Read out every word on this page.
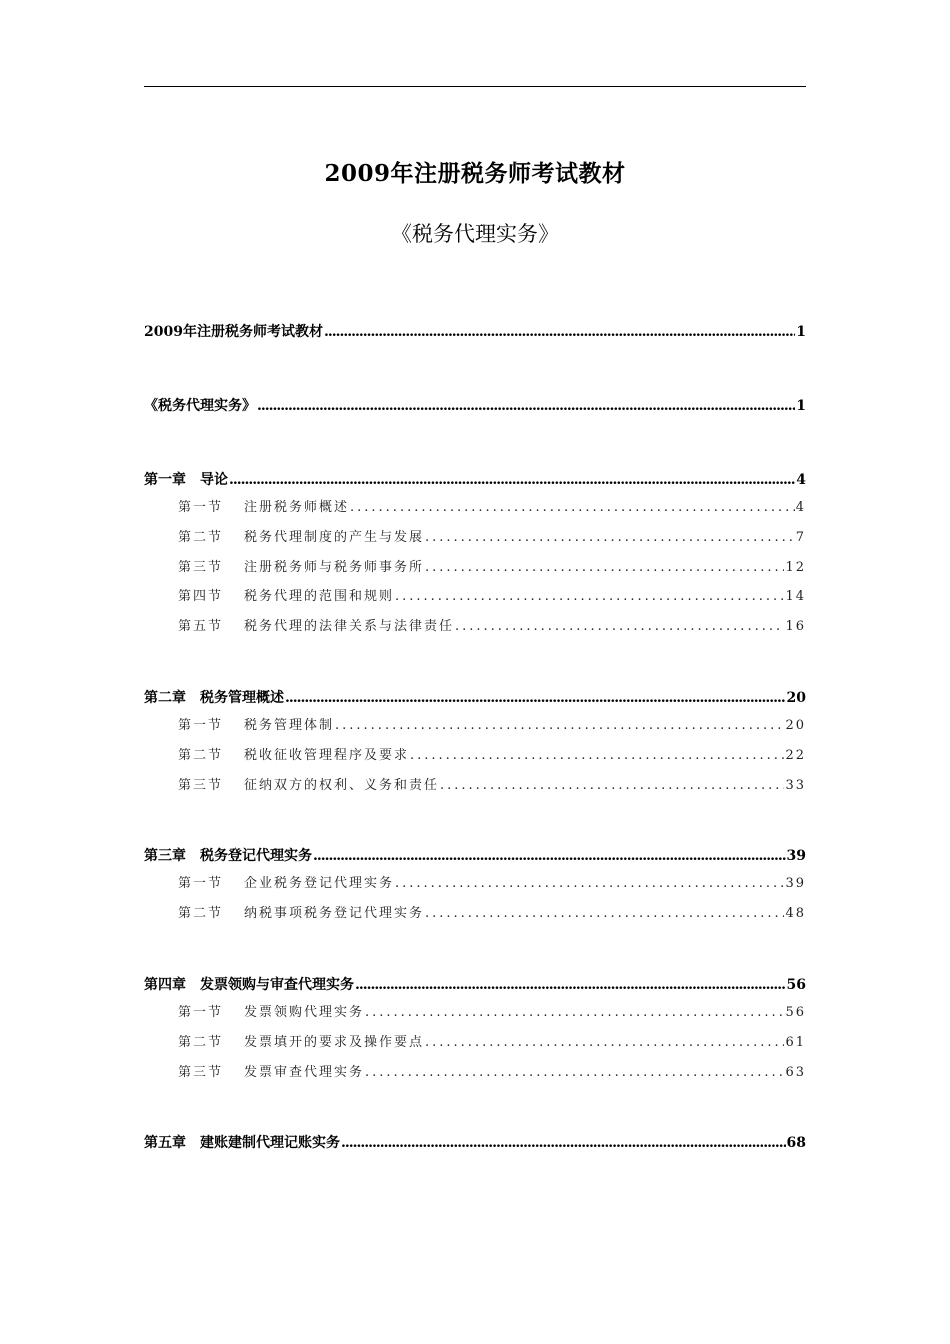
2009年注册税务师考试教材
《税务代理实务》
2009年注册税务师考试教材 .....	1
《税务代理实务》 .....	1
第一章　导论 .....	4
第一节 注册税务师概述 .....	4
第二节 税务代理制度的产生与发展 .....	7
第三节 注册税务师与税务师事务所 .....	12
第四节 税务代理的范围和规则 .....	14
第五节 税务代理的法律关系与法律责任 .....	16
第二章　税务管理概述 .....	20
第一节 税务管理体制 .....	20
第二节 税收征收管理程序及要求 .....	22
第三节 征纳双方的权利、义务和责任 .....	33
第三章　税务登记代理实务 .....	39
第一节 企业税务登记代理实务 .....	39
第二节 纳税事项税务登记代理实务 .....	48
第四章　发票领购与审查代理实务 .....	56
第一节 发票领购代理实务 .....	56
第二节 发票填开的要求及操作要点 .....	61
第三节 发票审查代理实务 .....	63
第五章　建账建制代理记账实务 .....	68
